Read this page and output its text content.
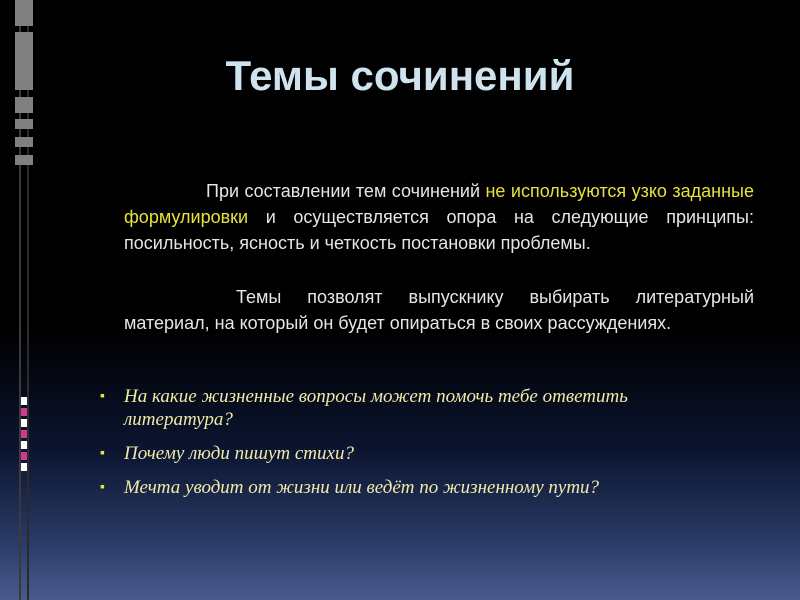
Темы сочинений

При составлении тем сочинений не используются узко заданные формулировки и осуществляется опора на следующие принципы: посильность, ясность и четкость постановки проблемы.

Темы позволят выпускнику выбирать литературный материал, на который он будет опираться в своих рассуждениях.

▪ На какие жизненные вопросы может помочь тебе ответить литература?
▪ Почему люди пишут стихи?
▪ Мечта уводит от жизни или ведёт по жизненному пути?
